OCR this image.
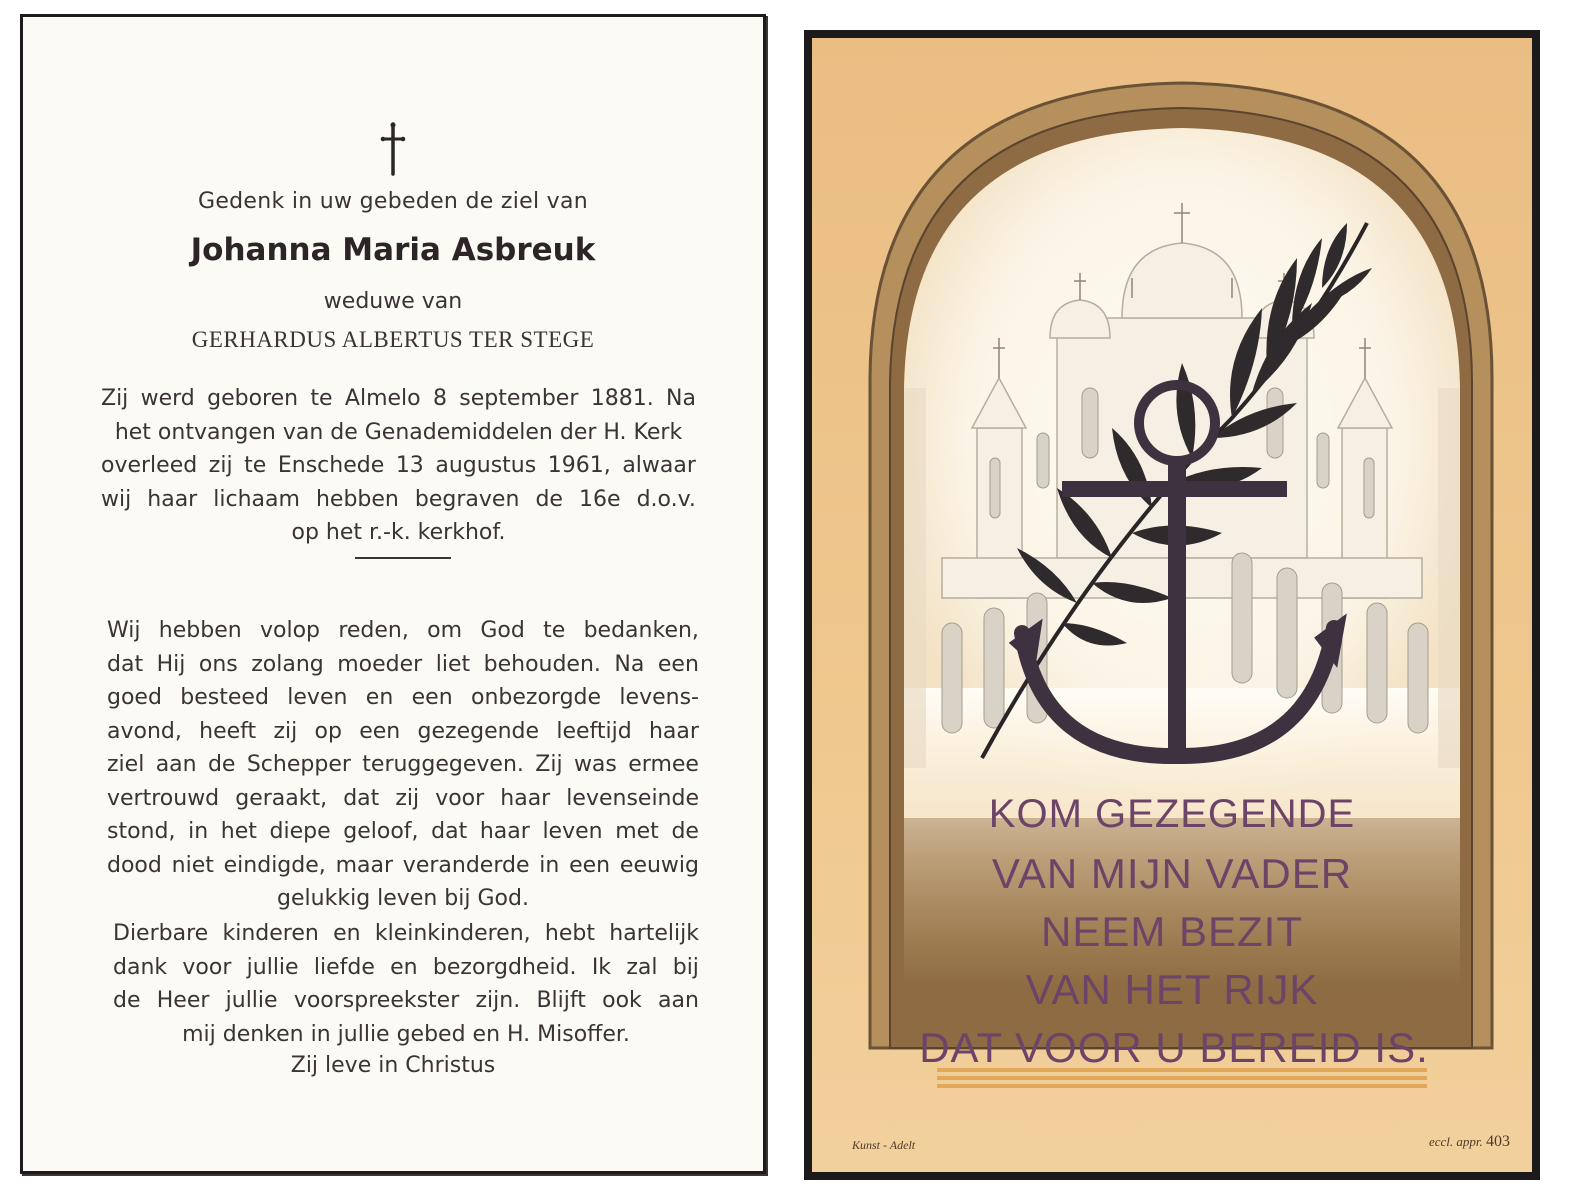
Gedenk in uw gebeden de ziel van
Johanna Maria Asbreuk
weduwe van
GERHARDUS ALBERTUS TER STEGE
Zij werd geboren te Almelo 8 september 1881. Na
het ontvangen van de Genademiddelen der H. Kerk
overleed zij te Enschede 13 augustus 1961, alwaar
wij haar lichaam hebben begraven de 16e d.o.v.
op het r.-k. kerkhof.
Wij hebben volop reden, om God te bedanken,
dat Hij ons zolang moeder liet behouden. Na een
goed besteed leven en een onbezorgde levens-
avond, heeft zij op een gezegende leeftijd haar
ziel aan de Schepper teruggegeven. Zij was ermee
vertrouwd geraakt, dat zij voor haar levenseinde
stond, in het diepe geloof, dat haar leven met de
dood niet eindigde, maar veranderde in een eeuwig
gelukkig leven bij God.
Dierbare kinderen en kleinkinderen, hebt hartelijk
dank voor jullie liefde en bezorgdheid. Ik zal bij
de Heer jullie voorspreekster zijn. Blijft ook aan
mij denken in jullie gebed en H. Misoffer.
Zij leve in Christus
KOM GEZEGENDE
VAN MIJN VADER
NEEM BEZIT
VAN HET RIJK
DAT VOOR U BEREID IS.
Kunst - Adelt	eccl. appr. 403
